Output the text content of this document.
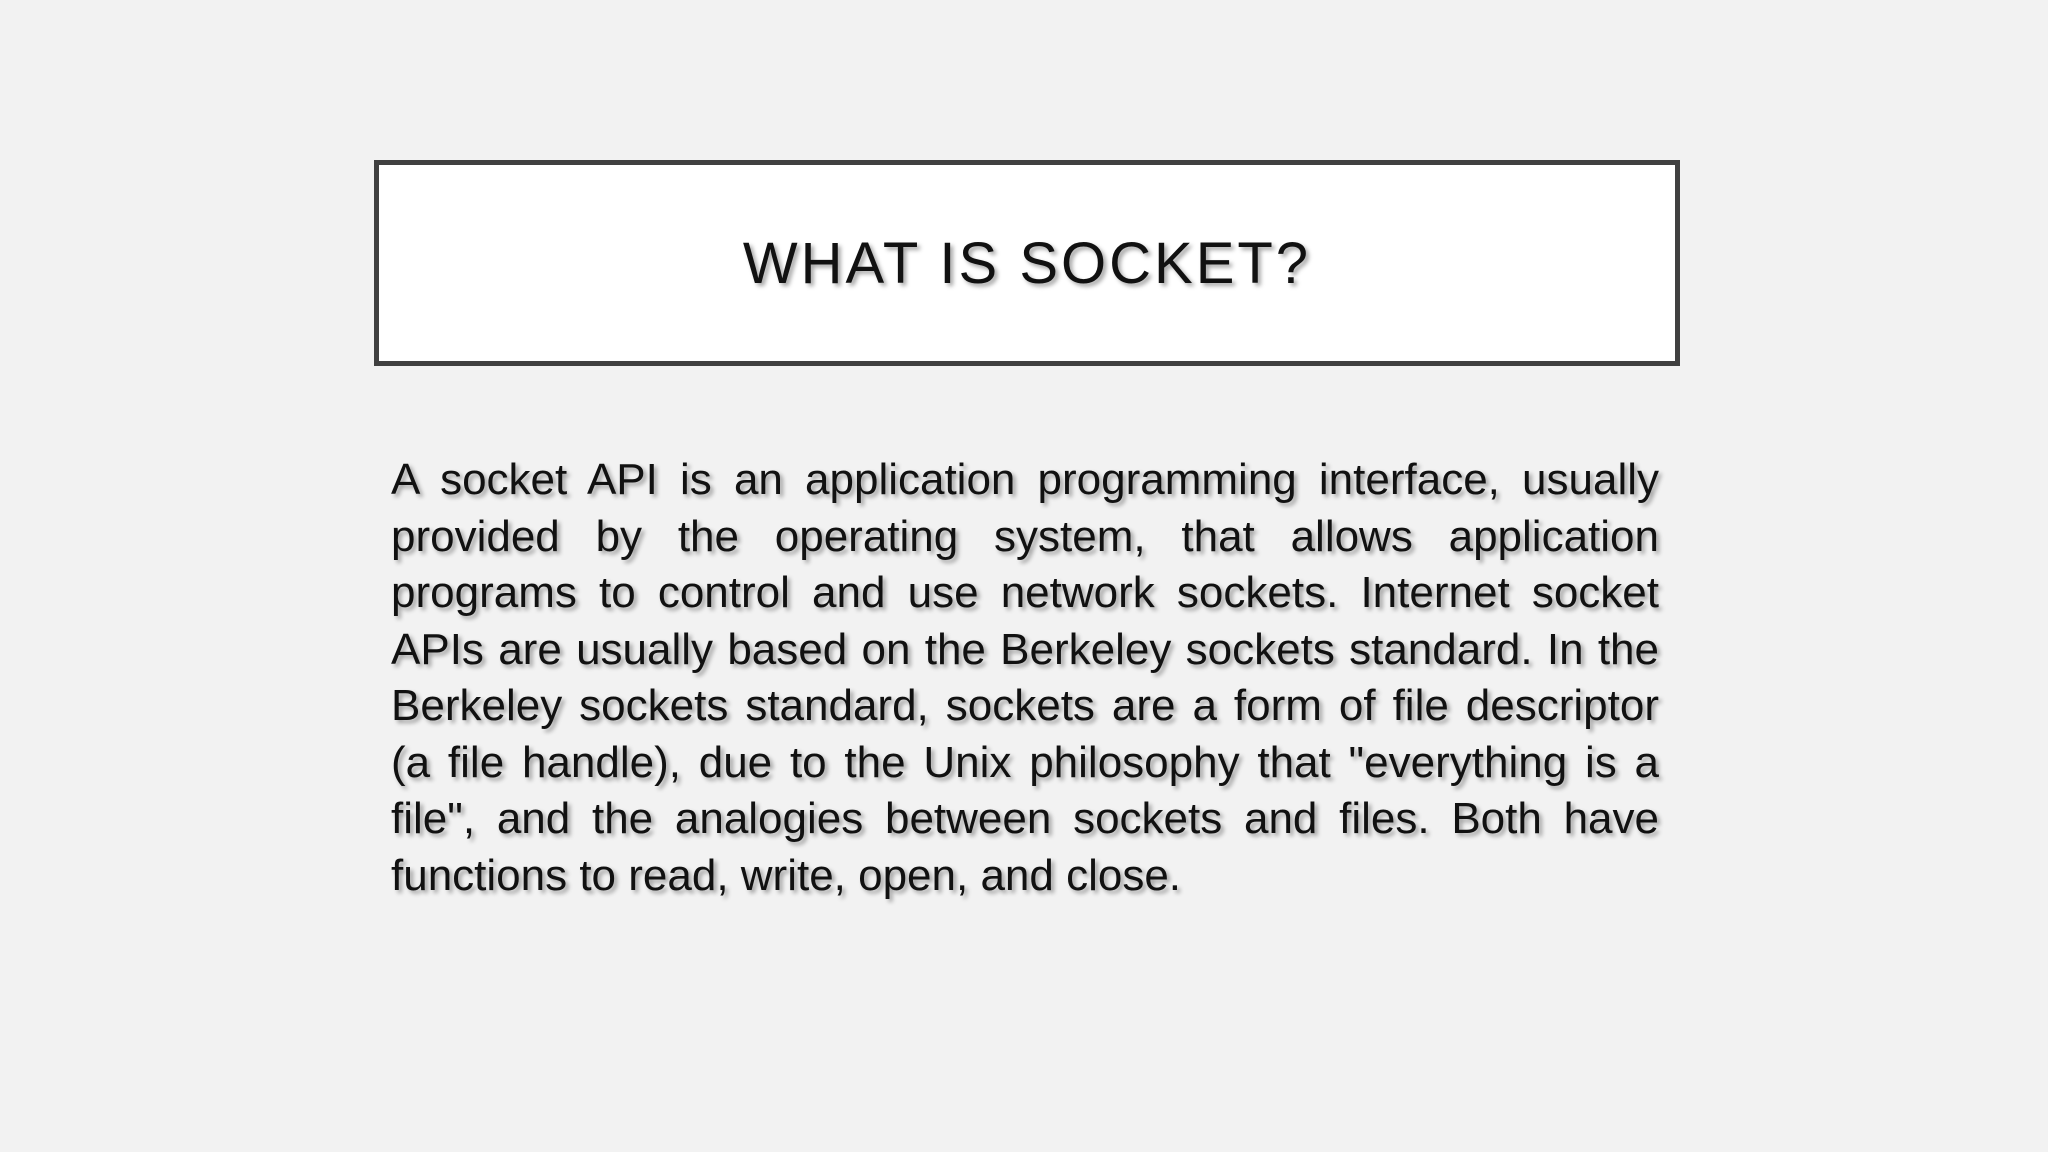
WHAT IS SOCKET?

A socket API is an application programming interface, usually provided by the operating system, that allows application programs to control and use network sockets. Internet socket APIs are usually based on the Berkeley sockets standard. In the Berkeley sockets standard, sockets are a form of file descriptor (a file handle), due to the Unix philosophy that "everything is a file", and the analogies between sockets and files. Both have functions to read, write, open, and close.
